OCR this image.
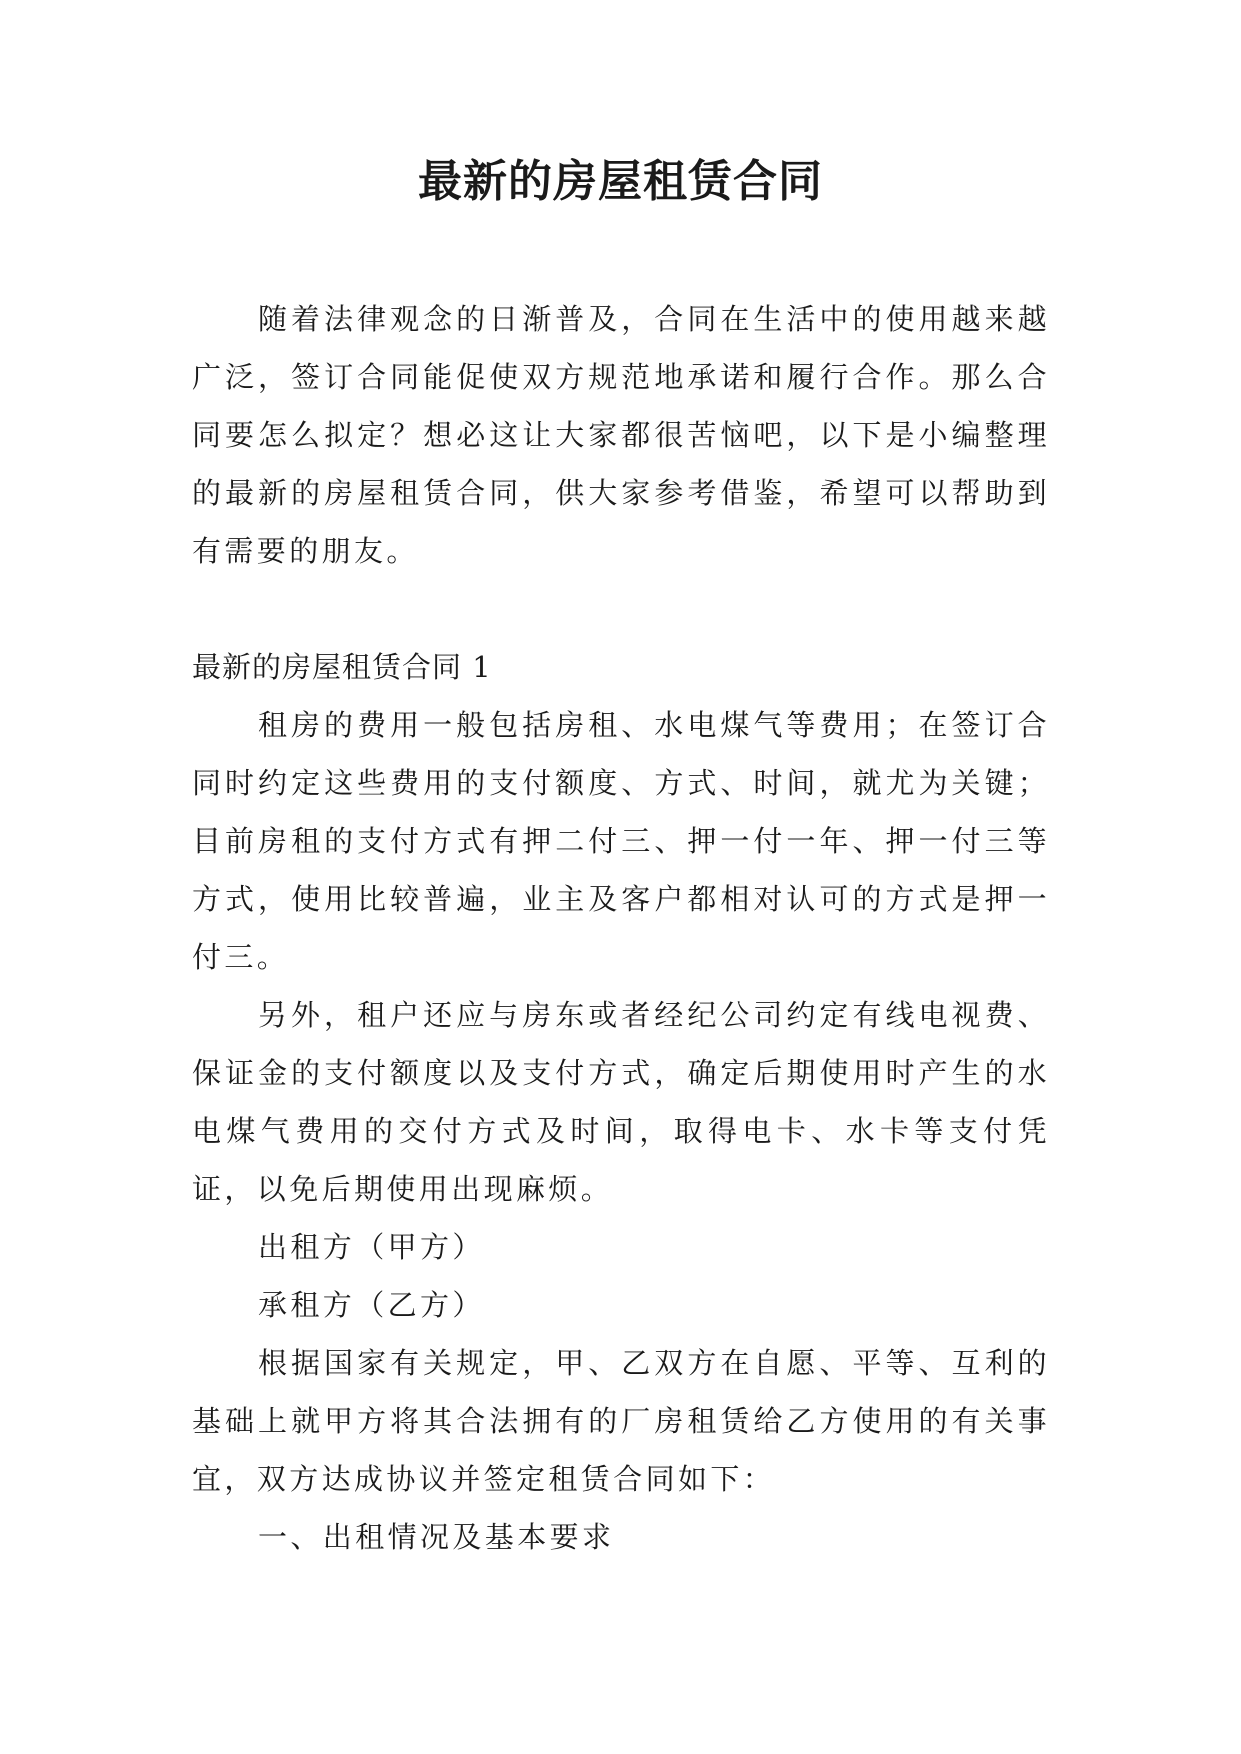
最新的房屋租赁合同

随着法律观念的日渐普及，合同在生活中的使用越来越广泛，签订合同能促使双方规范地承诺和履行合作。那么合同要怎么拟定？想必这让大家都很苦恼吧，以下是小编整理的最新的房屋租赁合同，供大家参考借鉴，希望可以帮助到有需要的朋友。

最新的房屋租赁合同 1

租房的费用一般包括房租、水电煤气等费用；在签订合同时约定这些费用的支付额度、方式、时间，就尤为关键；目前房租的支付方式有押二付三、押一付一年、押一付三等方式，使用比较普遍，业主及客户都相对认可的方式是押一付三。

另外，租户还应与房东或者经纪公司约定有线电视费、保证金的支付额度以及支付方式，确定后期使用时产生的水电煤气费用的交付方式及时间，取得电卡、水卡等支付凭证，以免后期使用出现麻烦。

出租方（甲方）

承租方（乙方）

根据国家有关规定，甲、乙双方在自愿、平等、互利的基础上就甲方将其合法拥有的厂房租赁给乙方使用的有关事宜，双方达成协议并签定租赁合同如下：

一、出租情况及基本要求
